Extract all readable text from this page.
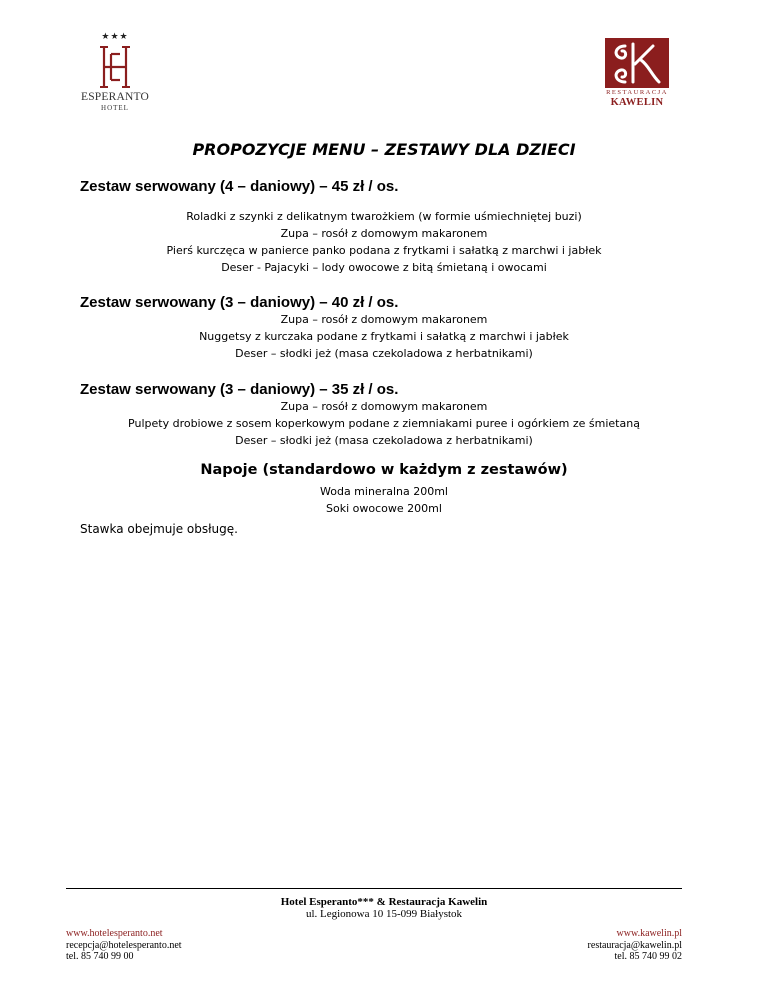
★★★
ESPERANTO
HOTEL
RESTAURACJA
KAWELIN
PROPOZYCJE MENU – ZESTAWY DLA DZIECI
Zestaw serwowany (4 – daniowy) – 45 zł / os.
Roladki z szynki z delikatnym twarożkiem (w formie uśmiechniętej buzi)
Zupa – rosół z domowym makaronem
Pierś kurczęca w panierce panko podana z frytkami i sałatką z marchwi i jabłek
Deser - Pajacyki – lody owocowe z bitą śmietaną i owocami
Zestaw serwowany (3 – daniowy) – 40 zł / os.
Zupa – rosół z domowym makaronem
Nuggetsy z kurczaka podane z frytkami i sałatką z marchwi i jabłek
Deser – słodki jeż (masa czekoladowa z herbatnikami)
Zestaw serwowany (3 – daniowy) – 35 zł / os.
Zupa – rosół z domowym makaronem
Pulpety drobiowe z sosem koperkowym podane z ziemniakami puree i ogórkiem ze śmietaną
Deser – słodki jeż (masa czekoladowa z herbatnikami)
Napoje (standardowo w każdym z zestawów)
Woda mineralna 200ml
Soki owocowe 200ml
Stawka obejmuje obsługę.
Hotel Esperanto*** & Restauracja Kawelin
ul. Legionowa 10 15-099 Białystok
www.hotelesperanto.net
recepcja@hotelesperanto.net
tel. 85 740 99 00
www.kawelin.pl
restauracja@kawelin.pl
tel. 85 740 99 02
